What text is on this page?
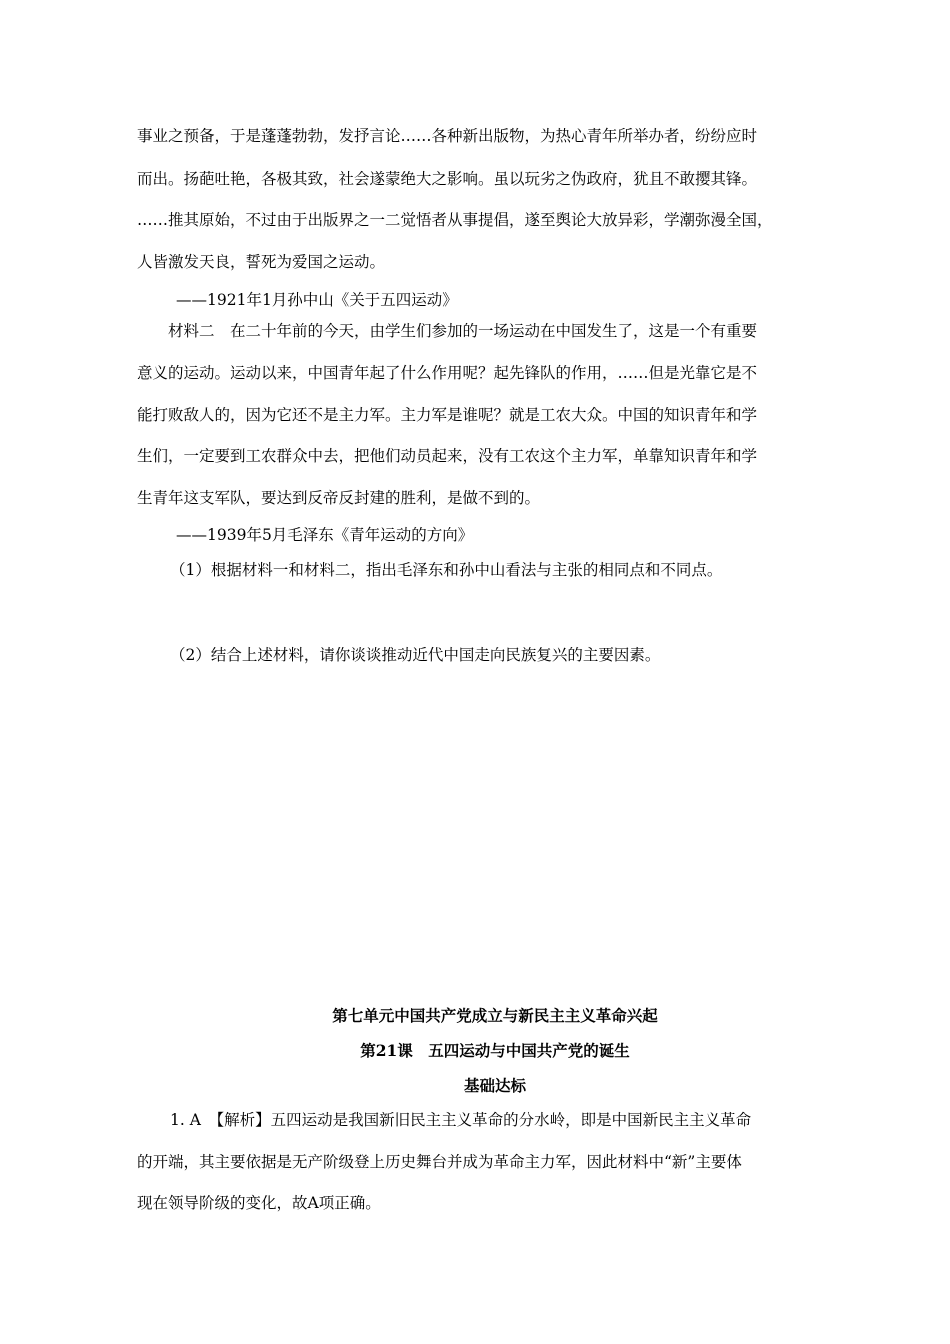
事业之预备，于是蓬蓬勃勃，发抒言论……各种新出版物，为热心青年所举办者，纷纷应时
而出。扬葩吐艳，各极其致，社会遂蒙绝大之影响。虽以玩劣之伪政府，犹且不敢撄其锋。
……推其原始，不过由于出版界之一二觉悟者从事提倡，遂至舆论大放异彩，学潮弥漫全国，
人皆激发天良，誓死为爱国之运动。
——1921年1月孙中山《关于五四运动》
材料二　在二十年前的今天，由学生们参加的一场运动在中国发生了，这是一个有重要
意义的运动。运动以来，中国青年起了什么作用呢？起先锋队的作用，……但是光靠它是不
能打败敌人的，因为它还不是主力军。主力军是谁呢？就是工农大众。中国的知识青年和学
生们，一定要到工农群众中去，把他们动员起来，没有工农这个主力军，单靠知识青年和学
生青年这支军队，要达到反帝反封建的胜利，是做不到的。
——1939年5月毛泽东《青年运动的方向》
（1）根据材料一和材料二，指出毛泽东和孙中山看法与主张的相同点和不同点。
（2）结合上述材料，请你谈谈推动近代中国走向民族复兴的主要因素。
第七单元中国共产党成立与新民主主义革命兴起
第21课　五四运动与中国共产党的诞生
基础达标
1. A　【解析】五四运动是我国新旧民主主义革命的分水岭，即是中国新民主主义革命
的开端，其主要依据是无产阶级登上历史舞台并成为革命主力军，因此材料中“新”主要体
现在领导阶级的变化，故A项正确。
